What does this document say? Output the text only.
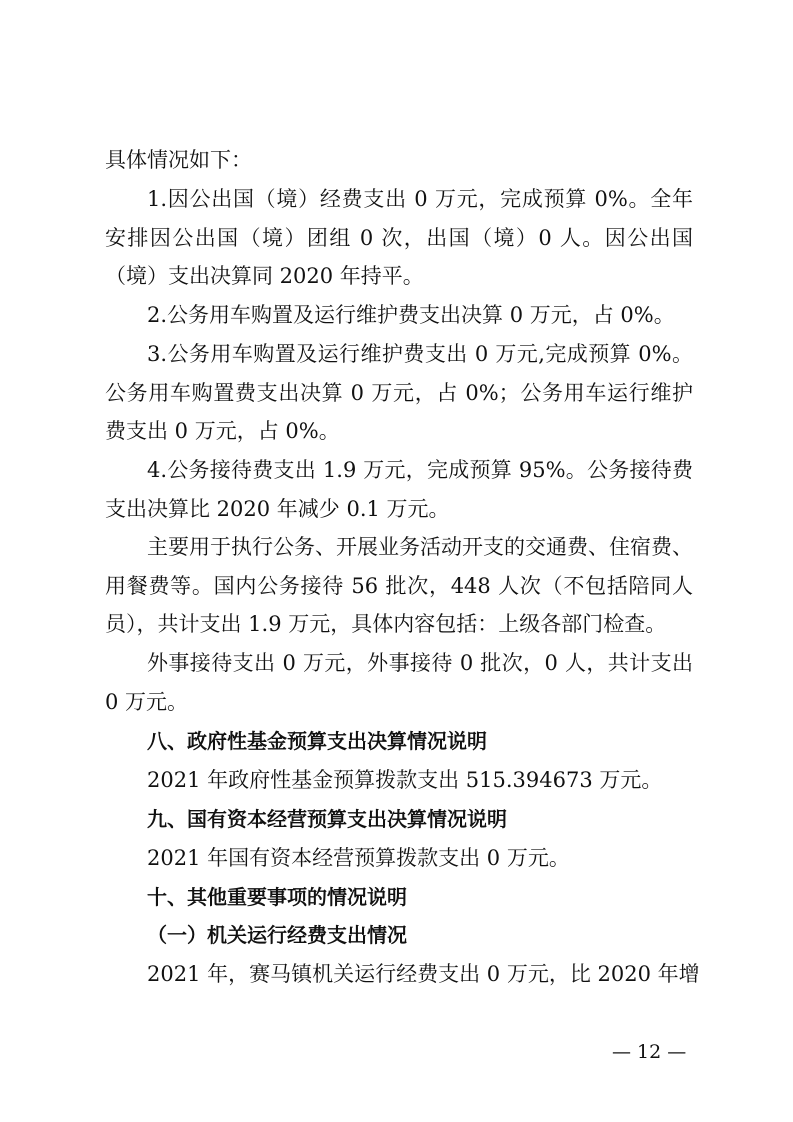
具体情况如下：

1.因公出国（境）经费支出 0 万元，完成预算 0%。全年安排因公出国（境）团组 0 次，出国（境）0 人。因公出国（境）支出决算同 2020 年持平。

2.公务用车购置及运行维护费支出决算 0 万元，占 0%。

3.公务用车购置及运行维护费支出 0 万元,完成预算 0%。公务用车购置费支出决算 0 万元，占 0%；公务用车运行维护费支出 0 万元，占 0%。

4.公务接待费支出 1.9 万元，完成预算 95%。公务接待费支出决算比 2020 年减少 0.1 万元。

主要用于执行公务、开展业务活动开支的交通费、住宿费、用餐费等。国内公务接待 56 批次，448 人次（不包括陪同人员），共计支出 1.9 万元，具体内容包括：上级各部门检查。

外事接待支出 0 万元，外事接待 0 批次，0 人，共计支出 0 万元。

八、政府性基金预算支出决算情况说明

2021 年政府性基金预算拨款支出 515.394673 万元。

九、国有资本经营预算支出决算情况说明

2021 年国有资本经营预算拨款支出 0 万元。

十、其他重要事项的情况说明

（一）机关运行经费支出情况

2021 年，赛马镇机关运行经费支出 0 万元，比 2020 年增

— 12 —
